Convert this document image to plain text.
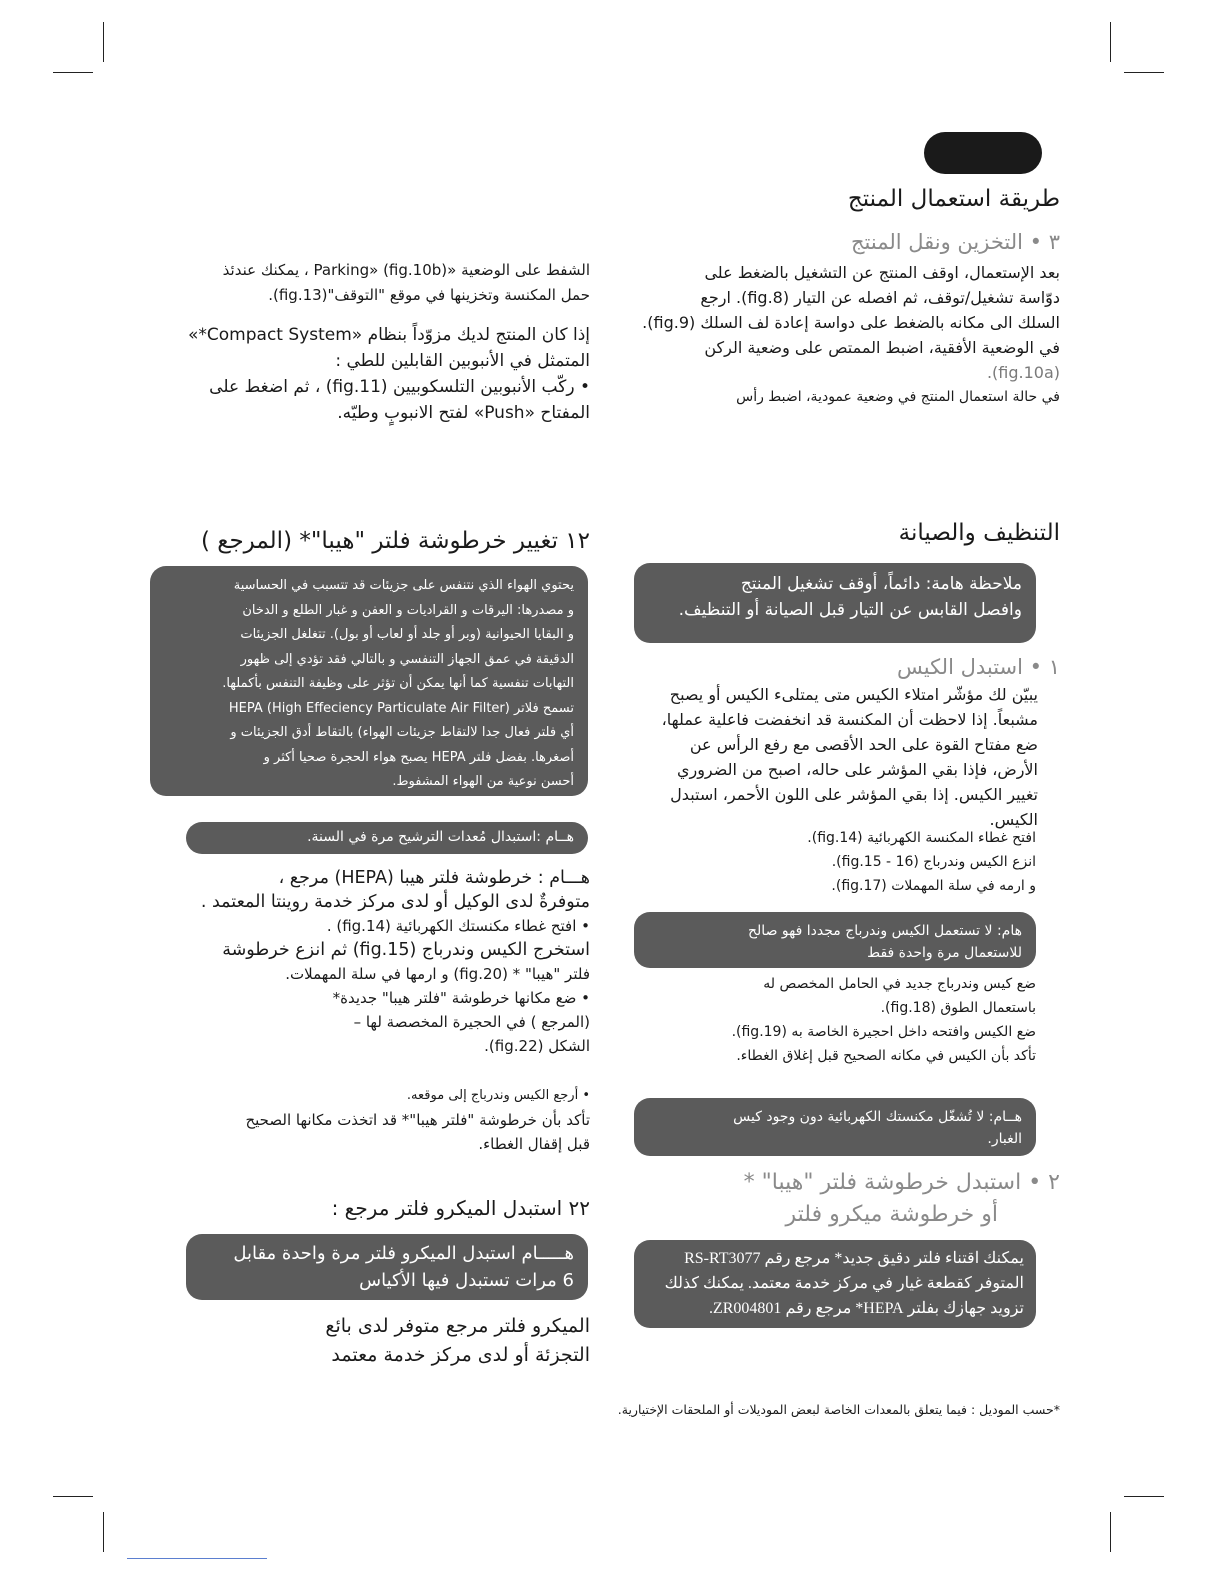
طريقة استعمال المنتج
٣ • التخزين ونقل المنتج
بعد الإستعمال، اوقف المنتج عن التشغيل بالضغط على
دوّاسة تشغيل/توقف، ثم افصله عن التيار (fig.8). ارجع
السلك الى مكانه بالضغط على دواسة إعادة لف السلك (fig.9).
في الوضعية الأفقية، اضبط الممتص على وضعية الركن
(fig.10a).
في حالة استعمال المنتج في وضعية عمودية، اضبط رأس
التنظيف والصيانة
ملاحظة هامة: دائماً، أوقف تشغيل المنتج
وافصل القابس عن التيار قبل الصيانة أو التنظيف.
١ • استبدل الكيس
يبيّن لك مؤشّر امتلاء الكيس متى يمتلىء الكيس أو يصبح
مشبعاً. إذا لاحظت أن المكنسة قد انخفضت فاعلية عملها،
ضع مفتاح القوة على الحد الأقصى مع رفع الرأس عن
الأرض، فإذا بقي المؤشر على حاله، اصبح من الضروري
تغيير الكيس. إذا بقي المؤشر على اللون الأحمر، استبدل
الكيس.
افتح غطاء المكنسة الكهربائية (fig.14).
انزع الكيس وندرباج (fig.15 - 16).
و ارمه في سلة المهملات (fig.17).
هام: لا تستعمل الكيس وندرباج مجددا فهو صالح
للاستعمال مرة واحدة فقط
ضع كيس وندرباج جديد في الحامل المخصص له
باستعمال الطوق (fig.18).
ضع الكيس وافتحه داخل احجيرة الخاصة به (fig.19).
تأكد بأن الكيس في مكانه الصحيح قبل إغلاق الغطاء.
هــام: لا تُشغّل مكنستك الكهربائية دون وجود كيس
الغبار.
٢ • استبدل خرطوشة فلتر "هيبا" *
أو خرطوشة ميكرو فلتر
يمكنك اقتناء فلتر دقيق جديد* مرجع رقم RS-RT3077
المتوفر كقطعة غيار في مركز خدمة معتمد. يمكنك كذلك
تزويد جهازك بفلتر HEPA* مرجع رقم ZR004801.
الشفط على الوضعية «Parking» (fig.10b) ، يمكنك عندئذ
حمل المكنسة وتخزينها في موقع "التوقف"(fig.13).
إذا كان المنتج لديك مزوّداً بنظام «Compact System*»
المتمثل في الأنبوبين القابلين للطي :
• ركّب الأنبوبين التلسكوبيين (fig.11) ، ثم اضغط على
المفتاح «Push» لفتح الانبوبٍ وطيّه.
١٢ تغيير خرطوشة فلتر "هيبا"* (المرجع )
يحتوي الهواء الذي نتنفس على جزيئات قد تتسبب في الحساسية
و مصدرها: اليرقات و القراديات و العفن و غبار الطلع و الدخان
و البقايا الحيوانية (وبر أو جلد أو لعاب أو بول). تتغلغل الجزيئات
الدقيقة في عمق الجهاز التنفسي و بالتالي فقد تؤدي إلى ظهور
التهابات تنفسية كما أنها يمكن أن تؤثر على وظيفة التنفس بأكملها.
تسمح فلاتر HEPA (High Effeciency Particulate Air Filter)
أي فلتر فعال جدا لالتقاط جزيئات الهواء) بالتقاط أدق الجزيئات و
أصغرها. بفضل فلتر HEPA يصبح هواء الحجرة صحيا أكثر و
أحسن نوعية من الهواء المشفوط.
هــام :استبدال مُعدات الترشيح مرة في السنة.
هـــام : خرطوشة فلتر هيبا (HEPA) مرجع ،
متوفرةٌ لدى الوكيل أو لدى مركز خدمة روينتا المعتمد .
• افتح غطاء مكنستك الكهربائية (fig.14) .
استخرج الكيس وندرباج (fig.15) ثم انزع خرطوشة
فلتر "هيبا" * (fig.20) و ارمها في سلة المهملات.
• ضع مكانها خرطوشة "فلتر هيبا" جديدة*
(المرجع ) في الحجيرة المخصصة لها –
الشكل (fig.22).
• أرجع الكيس وندرباج إلى موقعه.
تأكد بأن خرطوشة "فلتر هيبا"* قد اتخذت مكانها الصحيح
قبل إقفال الغطاء.
٢٢ استبدل الميكرو فلتر مرجع :
هـــــام استبدل الميكرو فلتر مرة واحدة مقابل
6 مرات تستبدل فيها الأكياس
الميكرو فلتر مرجع متوفر لدى بائع
التجزئة أو لدى مركز خدمة معتمد
*حسب الموديل : فيما يتعلق بالمعدات الخاصة لبعض الموديلات أو الملحقات الإختيارية.
